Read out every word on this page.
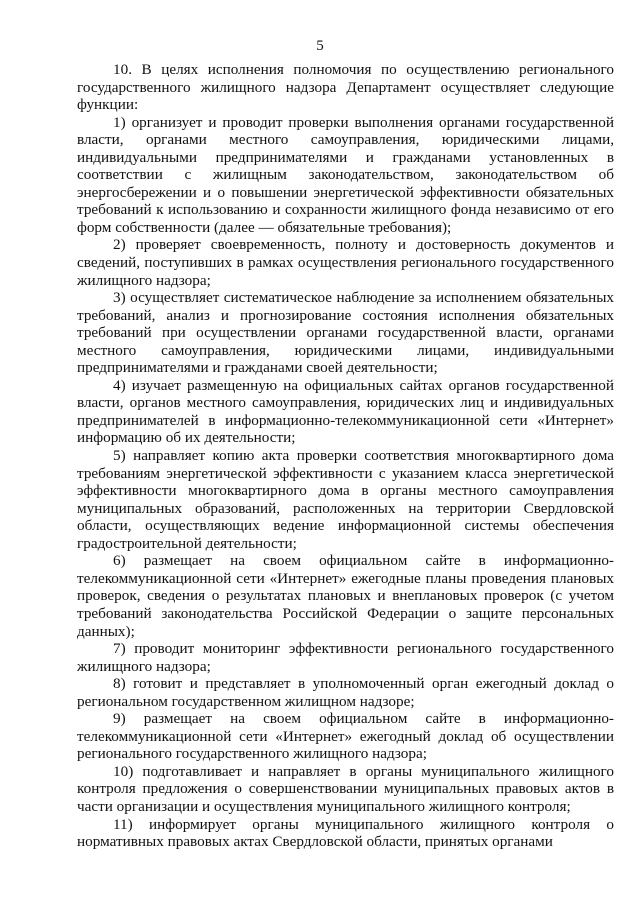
5

10. В целях исполнения полномочия по осуществлению регионального государственного жилищного надзора Департамент осуществляет следующие функции:

1) организует и проводит проверки выполнения органами государственной власти, органами местного самоуправления, юридическими лицами, индивидуальными предпринимателями и гражданами установленных в соответствии с жилищным законодательством, законодательством об энергосбережении и о повышении энергетической эффективности обязательных требований к использованию и сохранности жилищного фонда независимо от его форм собственности (далее — обязательные требования);

2) проверяет своевременность, полноту и достоверность документов и сведений, поступивших в рамках осуществления регионального государственного жилищного надзора;

3) осуществляет систематическое наблюдение за исполнением обязательных требований, анализ и прогнозирование состояния исполнения обязательных требований при осуществлении органами государственной власти, органами местного самоуправления, юридическими лицами, индивидуальными предпринимателями и гражданами своей деятельности;

4) изучает размещенную на официальных сайтах органов государственной власти, органов местного самоуправления, юридических лиц и индивидуальных предпринимателей в информационно-телекоммуникационной сети «Интернет» информацию об их деятельности;

5) направляет копию акта проверки соответствия многоквартирного дома требованиям энергетической эффективности с указанием класса энергетической эффективности многоквартирного дома в органы местного самоуправления муниципальных образований, расположенных на территории Свердловской области, осуществляющих ведение информационной системы обеспечения градостроительной деятельности;

6) размещает на своем официальном сайте в информационно-телекоммуникационной сети «Интернет» ежегодные планы проведения плановых проверок, сведения о результатах плановых и внеплановых проверок (с учетом требований законодательства Российской Федерации о защите персональных данных);

7) проводит мониторинг эффективности регионального государственного жилищного надзора;

8) готовит и представляет в уполномоченный орган ежегодный доклад о региональном государственном жилищном надзоре;

9) размещает на своем официальном сайте в информационно-телекоммуникационной сети «Интернет» ежегодный доклад об осуществлении регионального государственного жилищного надзора;

10) подготавливает и направляет в органы муниципального жилищного контроля предложения о совершенствовании муниципальных правовых актов в части организации и осуществления муниципального жилищного контроля;

11) информирует органы муниципального жилищного контроля о нормативных правовых актах Свердловской области, принятых органами
